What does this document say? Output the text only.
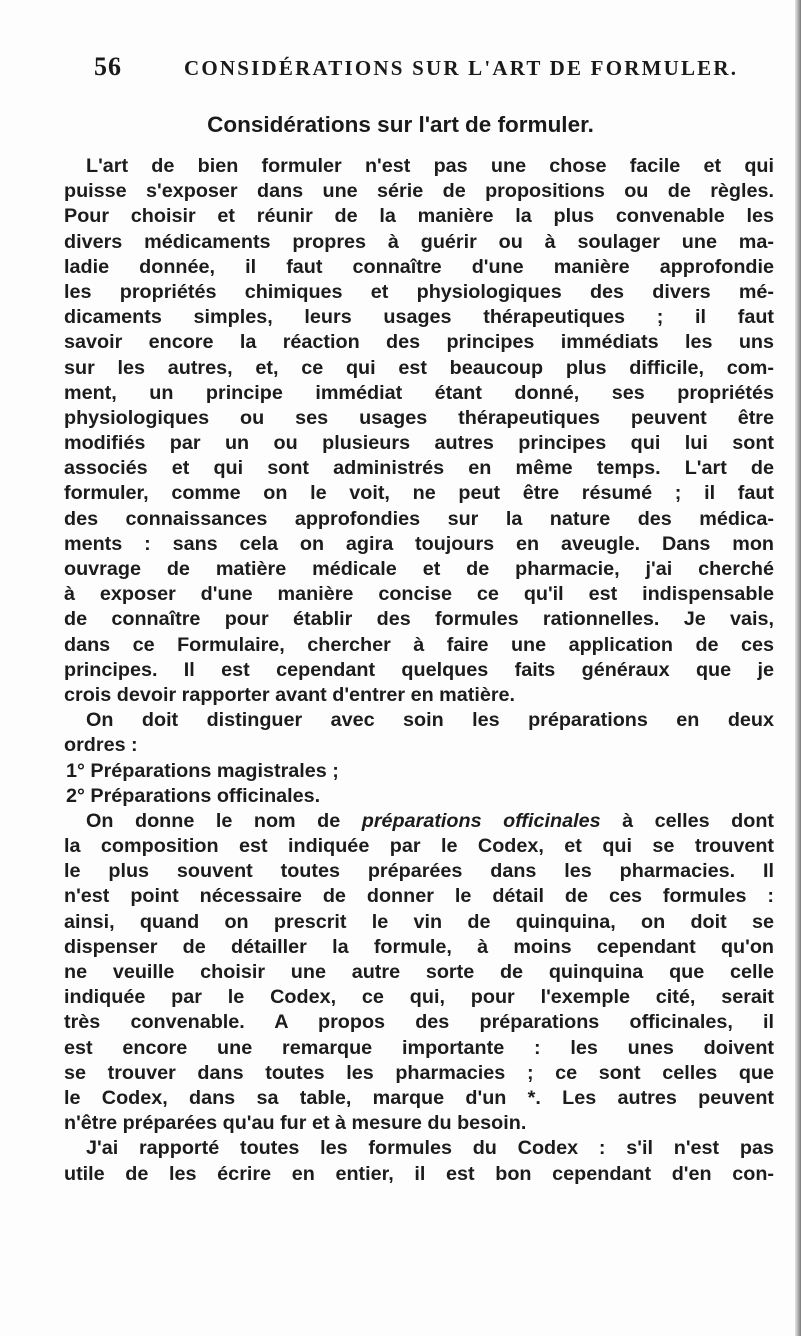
56	CONSIDÉRATIONS SUR L'ART DE FORMULER.
Considérations sur l'art de formuler.
L'art de bien formuler n'est pas une chose facile et qui
puisse s'exposer dans une série de propositions ou de règles.
Pour choisir et réunir de la manière la plus convenable les
divers médicaments propres à guérir ou à soulager une ma-
ladie donnée, il faut connaître d'une manière approfondie
les propriétés chimiques et physiologiques des divers mé-
dicaments simples, leurs usages thérapeutiques ; il faut
savoir encore la réaction des principes immédiats les uns
sur les autres, et, ce qui est beaucoup plus difficile, com-
ment, un principe immédiat étant donné, ses propriétés
physiologiques ou ses usages thérapeutiques peuvent être
modifiés par un ou plusieurs autres principes qui lui sont
associés et qui sont administrés en même temps. L'art de
formuler, comme on le voit, ne peut être résumé ; il faut
des connaissances approfondies sur la nature des médica-
ments : sans cela on agira toujours en aveugle. Dans mon
ouvrage de matière médicale et de pharmacie, j'ai cherché
à exposer d'une manière concise ce qu'il est indispensable
de connaître pour établir des formules rationnelles. Je vais,
dans ce Formulaire, chercher à faire une application de ces
principes. Il est cependant quelques faits généraux que je
crois devoir rapporter avant d'entrer en matière.
On doit distinguer avec soin les préparations en deux
ordres :
1° Préparations magistrales ;
2° Préparations officinales.
On donne le nom de préparations officinales à celles dont
la composition est indiquée par le Codex, et qui se trouvent
le plus souvent toutes préparées dans les pharmacies. Il
n'est point nécessaire de donner le détail de ces formules :
ainsi, quand on prescrit le vin de quinquina, on doit se
dispenser de détailler la formule, à moins cependant qu'on
ne veuille choisir une autre sorte de quinquina que celle
indiquée par le Codex, ce qui, pour l'exemple cité, serait
très convenable. A propos des préparations officinales, il
est encore une remarque importante : les unes doivent
se trouver dans toutes les pharmacies ; ce sont celles que
le Codex, dans sa table, marque d'un *. Les autres peuvent
n'être préparées qu'au fur et à mesure du besoin.
J'ai rapporté toutes les formules du Codex : s'il n'est pas
utile de les écrire en entier, il est bon cependant d'en con-
